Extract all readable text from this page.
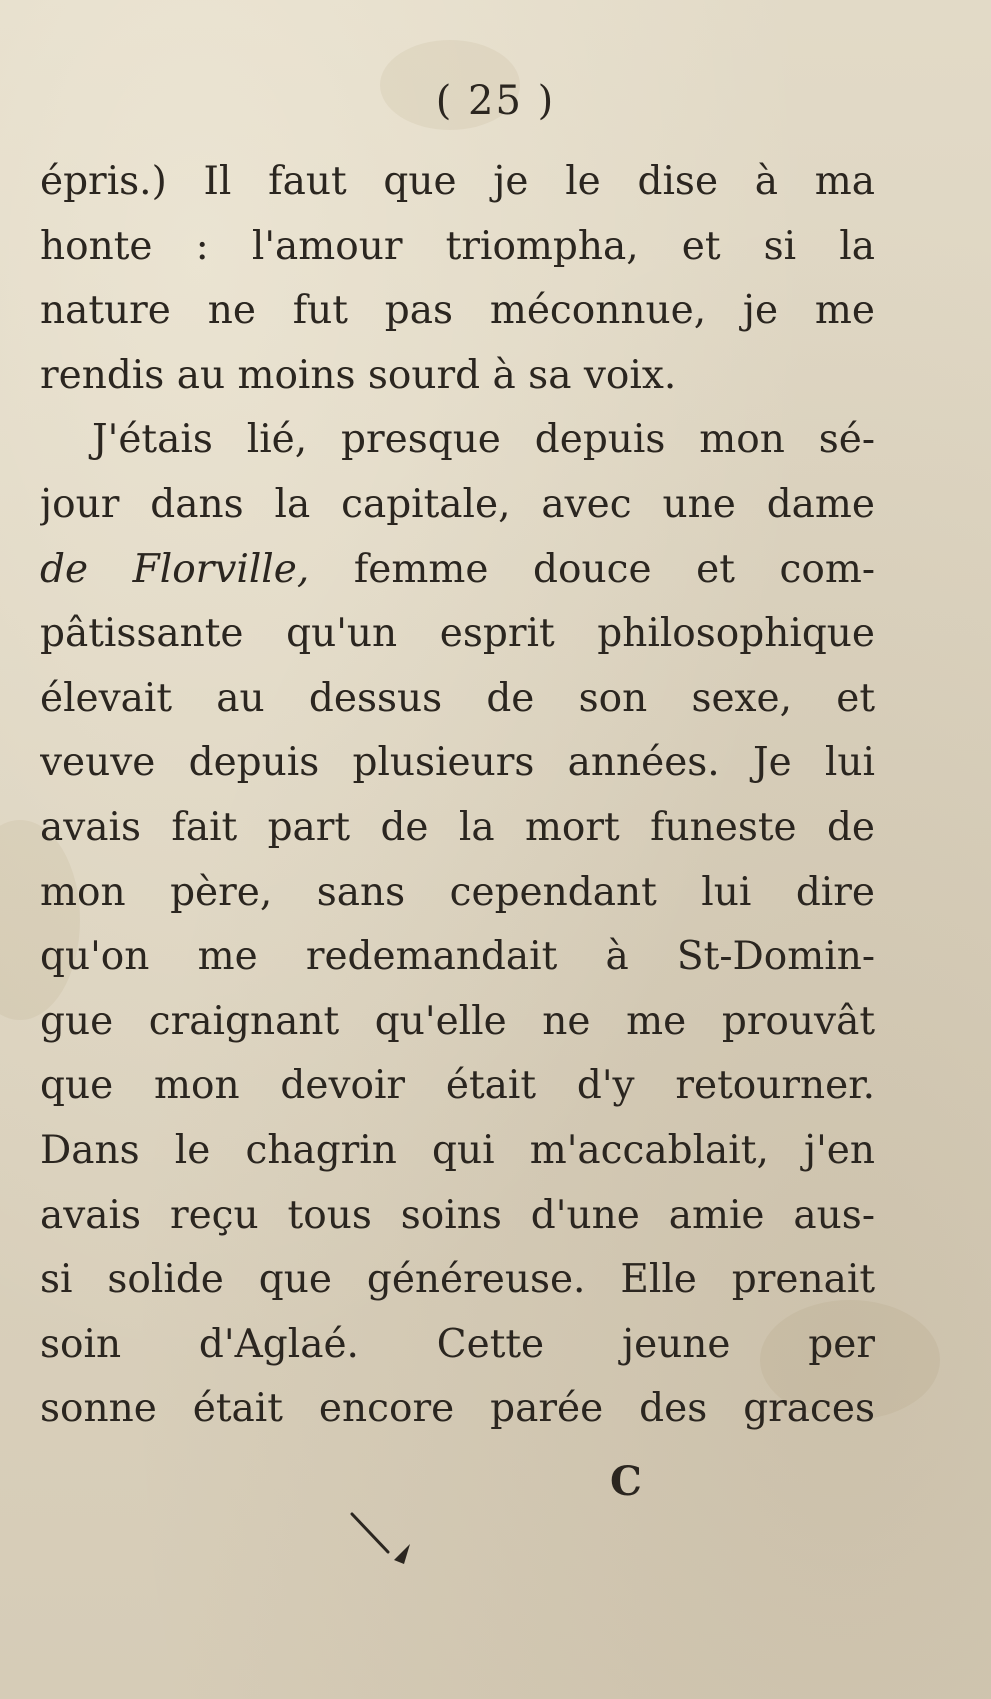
( 25 )
épris.) Il faut que je le dise à ma
honte : l'amour triompha, et si la
nature ne fut pas méconnue, je me
rendis au moins sourd à sa voix.
J'étais lié, presque depuis mon sé-
jour dans la capitale, avec une dame
de Florville, femme douce et com-
pâtissante qu'un esprit philosophique
élevait au dessus de son sexe, et
veuve depuis plusieurs années. Je lui
avais fait part de la mort funeste de
mon père, sans cependant lui dire
qu'on me redemandait à St-Domin-
gue craignant qu'elle ne me prouvât
que mon devoir était d'y retourner.
Dans le chagrin qui m'accablait, j'en
avais reçu tous soins d'une amie aus-
si solide que généreuse. Elle prenait
soin d'Aglaé. Cette jeune per
sonne était encore parée des graces
C
